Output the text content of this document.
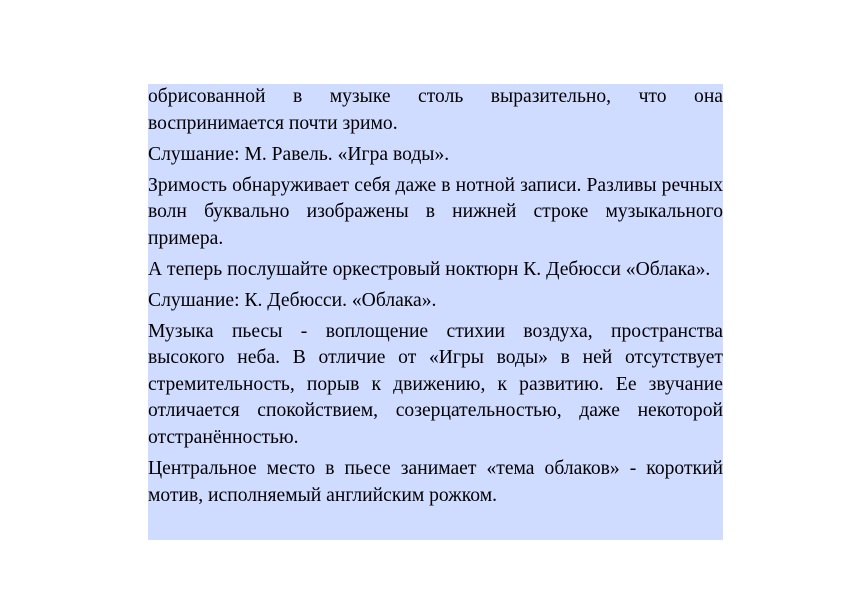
обрисованной в музыке столь выразительно, что она воспринимается почти зримо.

Слушание: М. Равель. «Игра воды».

Зримость обнаруживает себя даже в нотной записи. Разливы речных волн буквально изображены в нижней строке музыкального примера.

А теперь послушайте оркестровый ноктюрн К. Дебюсси «Облака».

Слушание: К. Дебюсси. «Облака».

Музыка пьесы - воплощение стихии воздуха, пространства высокого неба. В отличие от «Игры воды» в ней отсутствует стремительность, порыв к движению, к развитию. Ее звучание отличается спокойствием, созерцательностью, даже некоторой отстранённостью.

Центральное место в пьесе занимает «тема облаков» - короткий мотив, исполняемый английским рожком.
